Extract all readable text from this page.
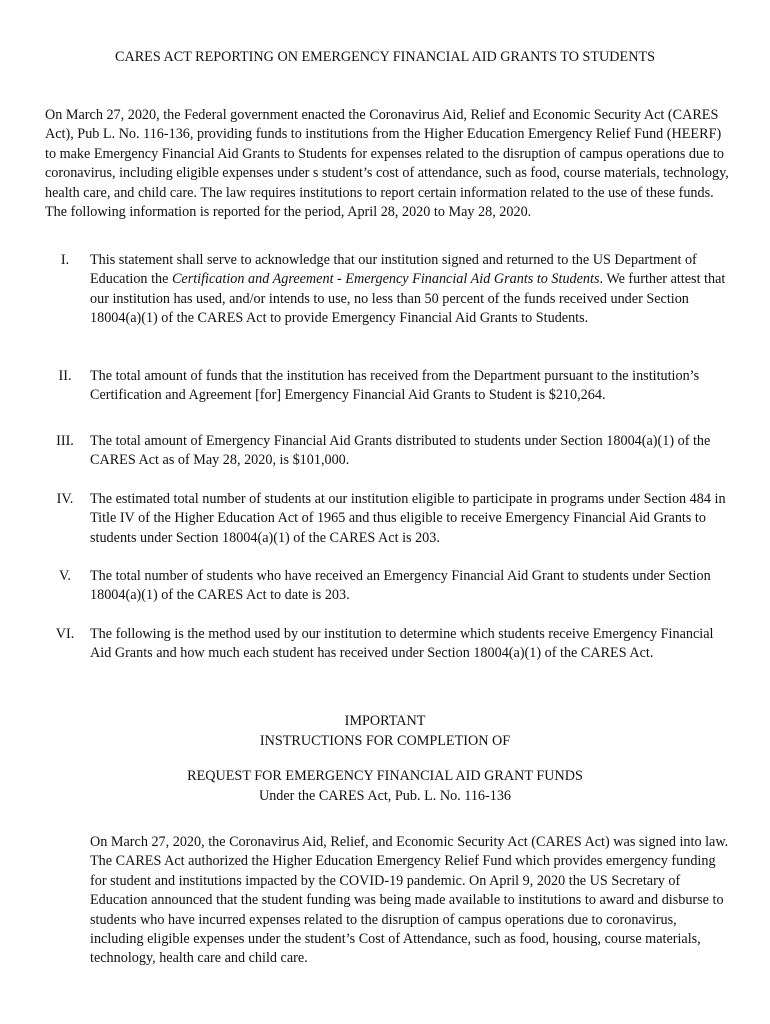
CARES ACT REPORTING ON EMERGENCY FINANCIAL AID GRANTS TO STUDENTS

On March 27, 2020, the Federal government enacted the Coronavirus Aid, Relief and Economic Security Act (CARES Act), Pub L. No. 116-136, providing funds to institutions from the Higher Education Emergency Relief Fund (HEERF) to make Emergency Financial Aid Grants to Students for expenses related to the disruption of campus operations due to coronavirus, including eligible expenses under s student’s cost of attendance, such as food, course materials, technology, health care, and child care. The law requires institutions to report certain information related to the use of these funds. The following information is reported for the period, April 28, 2020 to May 28, 2020.

I.	This statement shall serve to acknowledge that our institution signed and returned to the US Department of Education the Certification and Agreement - Emergency Financial Aid Grants to Students. We further attest that our institution has used, and/or intends to use, no less than 50 percent of the funds received under Section 18004(a)(1) of the CARES Act to provide Emergency Financial Aid Grants to Students.

II.	The total amount of funds that the institution has received from the Department pursuant to the institution’s Certification and Agreement [for] Emergency Financial Aid Grants to Student is $210,264.

III.	The total amount of Emergency Financial Aid Grants distributed to students under Section 18004(a)(1) of the CARES Act as of May 28, 2020, is $101,000.

IV.	The estimated total number of students at our institution eligible to participate in programs under Section 484 in Title IV of the Higher Education Act of 1965 and thus eligible to receive Emergency Financial Aid Grants to students under Section 18004(a)(1) of the CARES Act is 203.

V.	The total number of students who have received an Emergency Financial Aid Grant to students under Section 18004(a)(1) of the CARES Act to date is 203.

VI.	The following is the method used by our institution to determine which students receive Emergency Financial Aid Grants and how much each student has received under Section 18004(a)(1) of the CARES Act.

IMPORTANT
INSTRUCTIONS FOR COMPLETION OF
REQUEST FOR EMERGENCY FINANCIAL AID GRANT FUNDS
Under the CARES Act, Pub. L. No. 116-136

On March 27, 2020, the Coronavirus Aid, Relief, and Economic Security Act (CARES Act) was signed into law. The CARES Act authorized the Higher Education Emergency Relief Fund which provides emergency funding for student and institutions impacted by the COVID-19 pandemic. On April 9, 2020 the US Secretary of Education announced that the student funding was being made available to institutions to award and disburse to students who have incurred expenses related to the disruption of campus operations due to coronavirus, including eligible expenses under the student’s Cost of Attendance, such as food, housing, course materials, technology, health care and child care.
